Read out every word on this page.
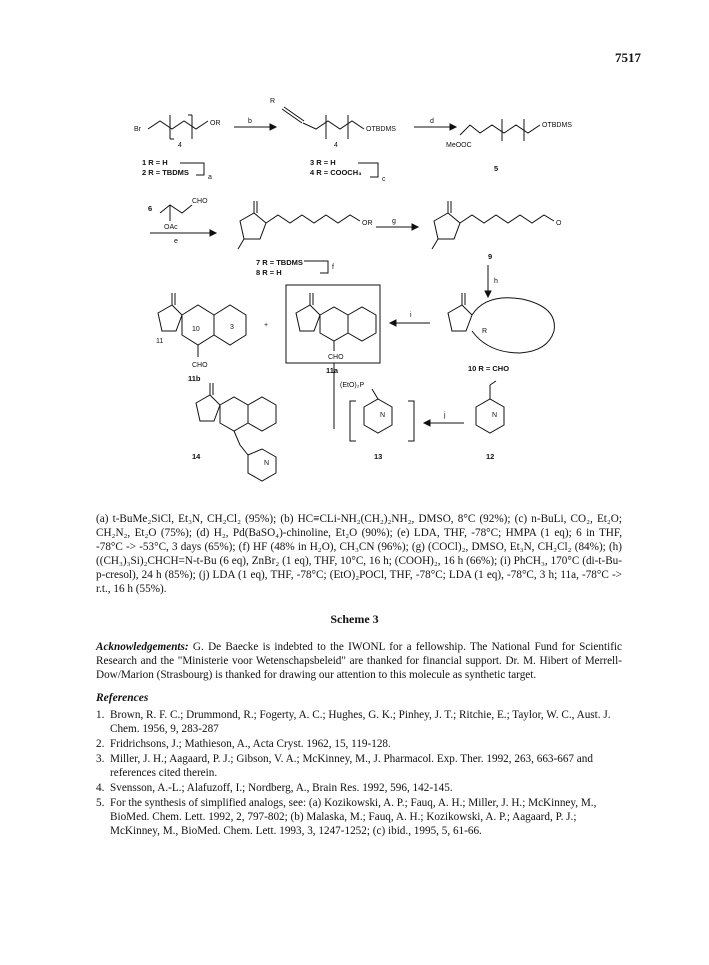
7517
R
Br
OR
4
OTBDMS
4
OTBDMS
MeOOC
b	d
a	c
1 R = H
2 R = TBDMS
3 R = H
4 R = COOCH₃	5
6
CHO
OAc
e
OR	g	O
7 R = TBDMS
8 R = H
f
9
h
CHO
3
10
11
11b
+
CHO
11a
i
R
10 R = CHO
(EtO)₂P
N
13
j	N
12
14
N
(a) t-BuMe₂SiCl, Et₃N, CH₂Cl₂ (95%); (b) HC≡CLi-NH₂(CH₂)₂NH₂, DMSO, 8°C (92%); (c) n-BuLi, CO₂, Et₂O; CH₂N₂, Et₂O (75%); (d) H₂, Pd(BaSO₄)-chinoline, Et₂O (90%); (e) LDA, THF, -78°C; HMPA (1 eq); 6 in THF, -78°C -> -53°C, 3 days (65%); (f) HF (48% in H₂O), CH₃CN (96%); (g) (COCl)₂, DMSO, Et₃N, CH₂Cl₂ (84%); (h) ((CH₃)₃Si)₂CHCH=N-t-Bu (6 eq), ZnBr₂ (1 eq), THF, 10°C, 16 h; (COOH)₂, 16 h (66%); (i) PhCH₃, 170°C (di-t-Bu-p-cresol), 24 h (85%); (j) LDA (1 eq), THF, -78°C; (EtO)₂POCl, THF, -78°C; LDA (1 eq), -78°C, 3 h; 11a, -78°C -> r.t., 16 h (55%).
Scheme 3
Acknowledgements: G. De Baecke is indebted to the IWONL for a fellowship. The National Fund for Scientific Research and the "Ministerie voor Wetenschapsbeleid" are thanked for financial support. Dr. M. Hibert of Merrell-Dow/Marion (Strasbourg) is thanked for drawing our attention to this molecule as synthetic target.
References
1. Brown, R. F. C.; Drummond, R.; Fogerty, A. C.; Hughes, G. K.; Pinhey, J. T.; Ritchie, E.; Taylor, W. C., Aust. J. Chem. 1956, 9, 283-287
2. Fridrichsons, J.; Mathieson, A., Acta Cryst. 1962, 15, 119-128.
3. Miller, J. H.; Aagaard, P. J.; Gibson, V. A.; McKinney, M., J. Pharmacol. Exp. Ther. 1992, 263, 663-667 and references cited therein.
4. Svensson, A.-L.; Alafuzoff, I.; Nordberg, A., Brain Res. 1992, 596, 142-145.
5. For the synthesis of simplified analogs, see: (a) Kozikowski, A. P.; Fauq, A. H.; Miller, J. H.; McKinney, M., BioMed. Chem. Lett. 1992, 2, 797-802; (b) Malaska, M.; Fauq, A. H.; Kozikowski, A. P.; Aagaard, P. J.; McKinney, M., BioMed. Chem. Lett. 1993, 3, 1247-1252; (c) ibid., 1995, 5, 61-66.
